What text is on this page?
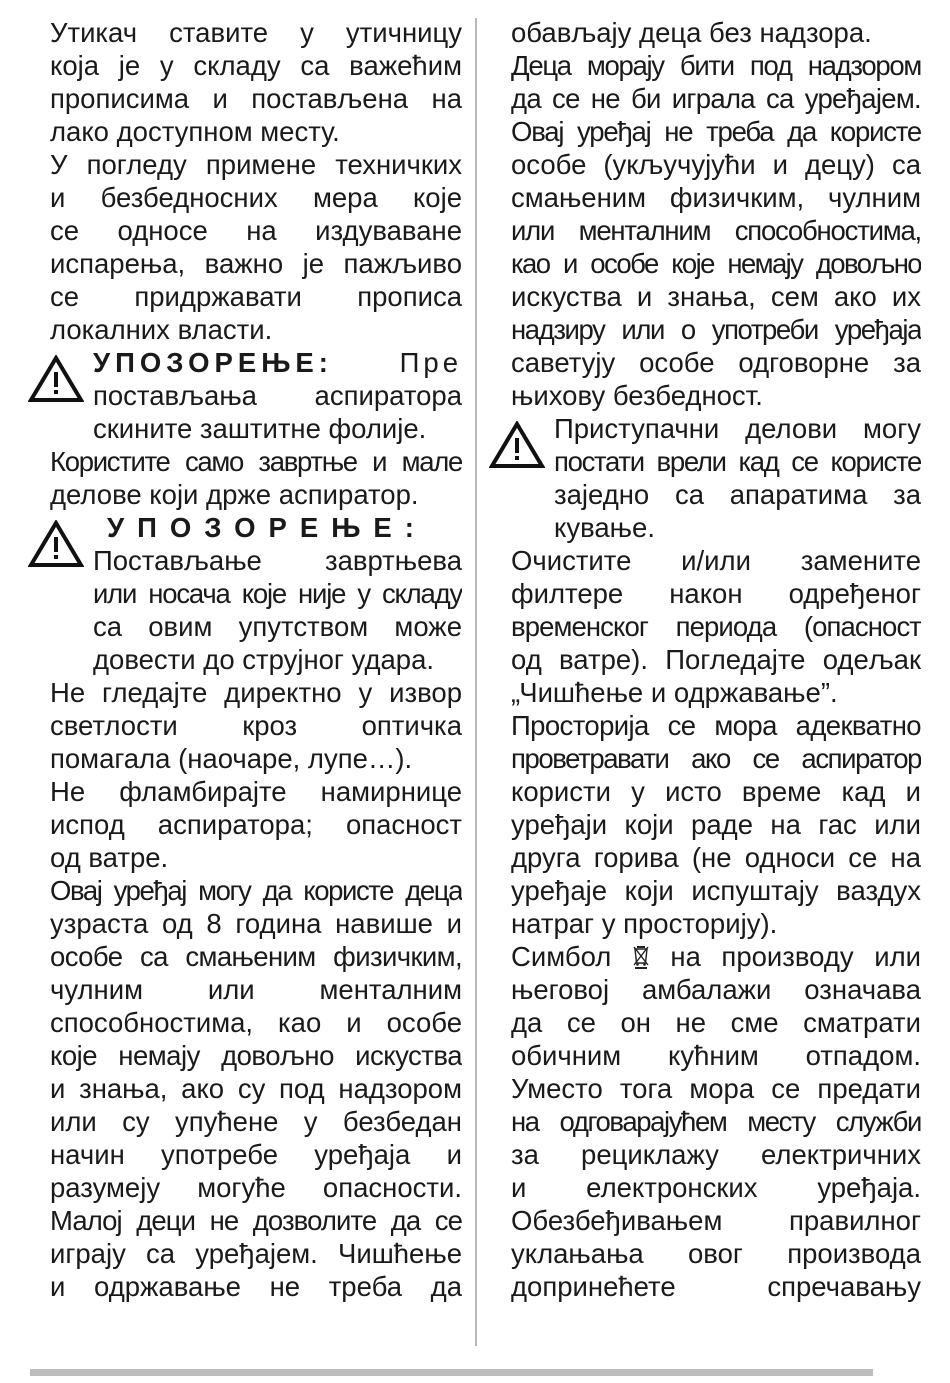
Утикач ставите у утичницу
која је у складу са важећим
прописима и постављена на
лако доступном месту.
У погледу примене техничких
и безбедносних мера које
се односе на издуваване
испарења, важно је пажљиво
се придржавати прописа
локалних власти.
УПОЗОРЕЊЕ: Пре
постављања аспиратора
скините заштитне фолије.
Користите само завртње и мале
делове који држе аспиратор.
УПОЗОРЕЊЕ:
Постављање завртњева
или носача које није у складу
са овим упутством може
довести до струјног удара.
Не гледајте директно у извор
светлости кроз оптичка
помагала (наочаре, лупе…).
Не фламбирајте намирнице
испод аспиратора; опасност
од ватре.
Овај уређај могу да користе деца
узраста од 8 година навише и
особе са смањеним физичким,
чулним или менталним
способностима, као и особе
које немају довољно искуства
и знања, ако су под надзором
или су упућене у безбедан
начин употребе уређаја и
разумеју могуће опасности.
Малој деци не дозволите да се
играју са уређајем. Чишћење
и одржавање не треба да
обављају деца без надзора.
Деца морају бити под надзором
да се не би играла са уређајем.
Овај уређај не треба да користе
особе (укључујући и децу) са
смањеним физичким, чулним
или менталним способностима,
као и особе које немају довољно
искуства и знања, сем ако их
надзиру или о употреби уређаја
саветују особе одговорне за
њихову безбедност.
Приступачни делови могу
постати врели кад се користе
заједно са апаратима за
кување.
Очистите и/или замените
филтере након одређеног
временског периода (опасност
од ватре). Погледајте одељак
„Чишћење и одржавање”.
Просторија се мора адекватно
проветравати ако се аспиратор
користи у исто време кад и
уређаји који раде на гас или
друга горива (не односи се на
уређаје који испуштају ваздух
натраг у просторију).
Симбол на производу или
његовој амбалажи означава
да се он не сме сматрати
обичним кућним отпадом.
Уместо тога мора се предати
на одговарајућем месту служби
за рециклажу електричних
и електронских уређаја.
Обезбеђивањем правилног
уклањања овог производа
допринећете спречавању
